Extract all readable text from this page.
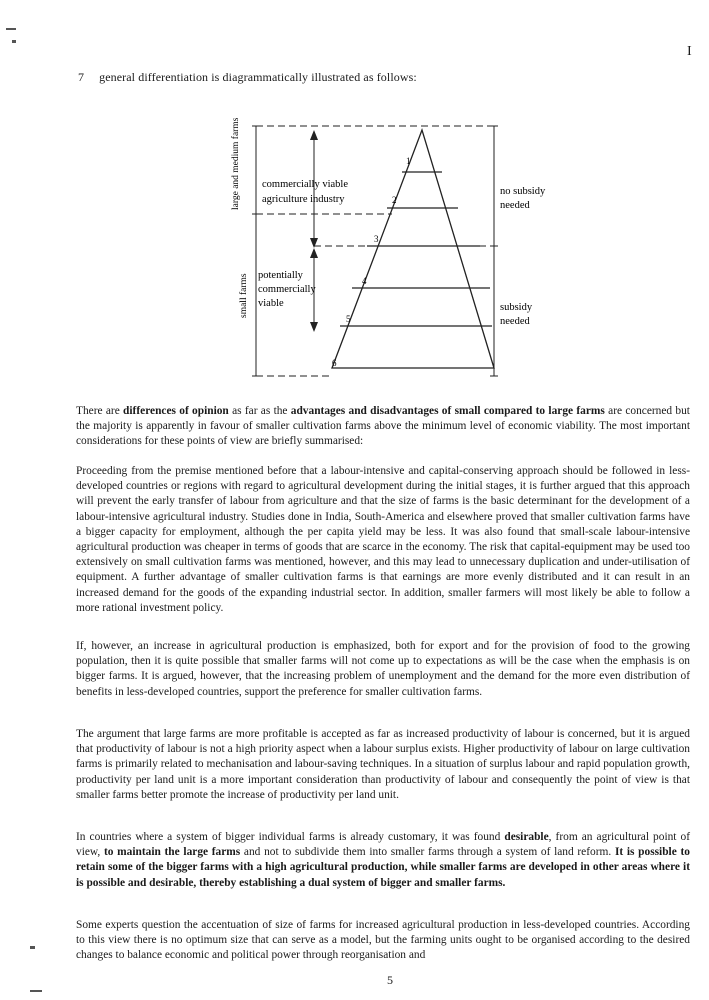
I
7 general differentiation is diagrammatically illustrated as follows:
1
2
3
4
5
6
large and medium farms
small farms
commercially viable
agriculture industry
potentially
commercially
viable
no subsidy
needed
subsidy
needed

There are differences of opinion as far as the advantages and disadvantages of small compared to large farms are concerned but the majority is apparently in favour of smaller cultivation farms above the minimum level of economic viability. The most important considerations for these points of view are briefly summarised:

Proceeding from the premise mentioned before that a labour-intensive and capital-conserving approach should be followed in less-developed countries or regions with regard to agricultural development during the initial stages, it is further argued that this approach will prevent the early transfer of labour from agriculture and that the size of farms is the basic determinant for the development of a labour-intensive agricultural industry. Studies done in India, South-America and elsewhere proved that smaller cultivation farms have a bigger capacity for employment, although the per capita yield may be less. It was also found that small-scale labour-intensive agricultural production was cheaper in terms of goods that are scarce in the economy. The risk that capital-equipment may be used too extensively on small cultivation farms was mentioned, however, and this may lead to unnecessary duplication and under-utilisation of equipment. A further advantage of smaller cultivation farms is that earnings are more evenly distributed and it can result in an increased demand for the goods of the expanding industrial sector. In addition, smaller farmers will most likely be able to follow a more rational investment policy.

If, however, an increase in agricultural production is emphasized, both for export and for the provision of food to the growing population, then it is quite possible that smaller farms will not come up to expectations as will be the case when the emphasis is on bigger farms. It is argued, however, that the increasing problem of unemployment and the demand for the more even distribution of benefits in less-developed countries, support the preference for smaller cultivation farms.

The argument that large farms are more profitable is accepted as far as increased productivity of labour is concerned, but it is argued that productivity of labour is not a high priority aspect when a labour surplus exists. Higher productivity of labour on large cultivation farms is primarily related to mechanisation and labour-saving techniques. In a situation of surplus labour and rapid population growth, productivity per land unit is a more important consideration than productivity of labour and consequently the point of view is that smaller farms better promote the increase of productivity per land unit.

In countries where a system of bigger individual farms is already customary, it was found desirable, from an agricultural point of view, to maintain the large farms and not to subdivide them into smaller farms through a system of land reform. It is possible to retain some of the bigger farms with a high agricultural production, while smaller farms are developed in other areas where it is possible and desirable, thereby establishing a dual system of bigger and smaller farms.

Some experts question the accentuation of size of farms for increased agricultural production in less-developed countries. According to this view there is no optimum size that can serve as a model, but the farming units ought to be organised according to the desired changes to balance economic and political power through reorganisation and

5
